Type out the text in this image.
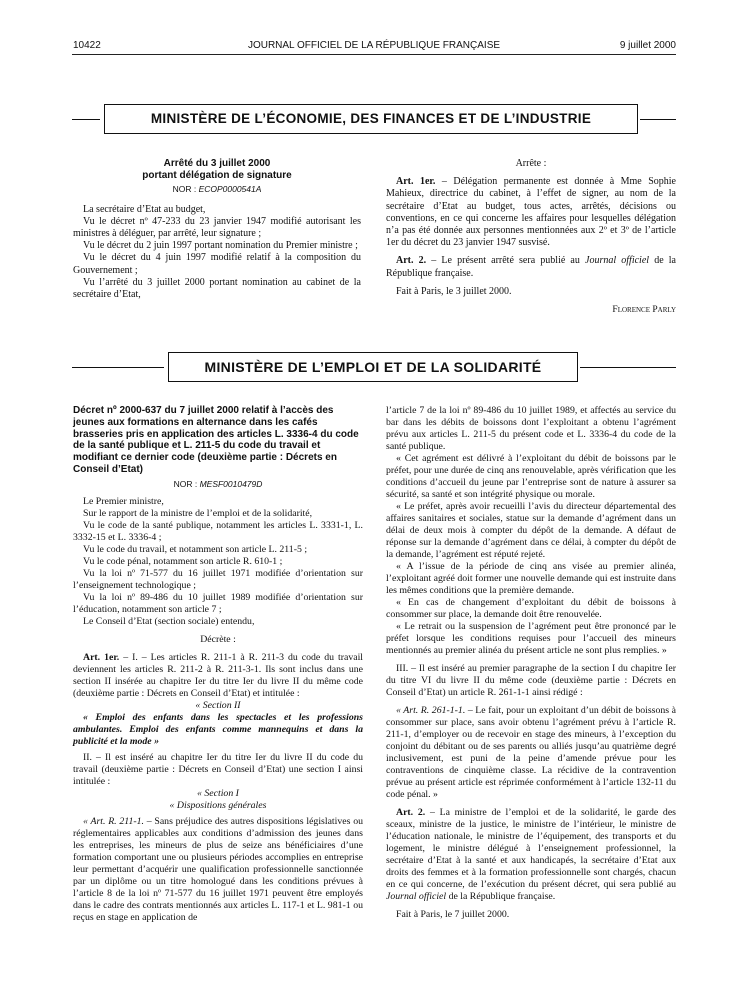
10422	JOURNAL OFFICIEL DE LA RÉPUBLIQUE FRANÇAISE	9 juillet 2000
MINISTÈRE DE L’ÉCONOMIE, DES FINANCES ET DE L’INDUSTRIE

Arrêté du 3 juillet 2000

portant délégation de signature

NOR : ECOP0000541A

La secrétaire d’Etat au budget,

Vu le décret nº 47-233 du 23 janvier 1947 modifié autorisant les ministres à déléguer, par arrêté, leur signature ;

Vu le décret du 2 juin 1997 portant nomination du Premier ministre ;

Vu le décret du 4 juin 1997 modifié relatif à la composition du Gouvernement ;

Vu l’arrêté du 3 juillet 2000 portant nomination au cabinet de la secrétaire d’Etat,

Arrête :

Art. 1er. – Délégation permanente est donnée à Mme Sophie Mahieux, directrice du cabinet, à l’effet de signer, au nom de la secrétaire d’Etat au budget, tous actes, arrêtés, décisions ou conventions, en ce qui concerne les affaires pour lesquelles délégation n’a pas été donnée aux personnes mentionnées aux 2º et 3º de l’article 1er du décret du 23 janvier 1947 susvisé.

Art. 2. – Le présent arrêté sera publié au Journal officiel de la République française.

Fait à Paris, le 3 juillet 2000.

Florence Parly

MINISTÈRE DE L’EMPLOI ET DE LA SOLIDARITÉ

Décret nº 2000-637 du 7 juillet 2000 relatif à l’accès des jeunes aux formations en alternance dans les cafés brasseries pris en application des articles L. 3336-4 du code de la santé publique et L. 211-5 du code du travail et modifiant ce dernier code (deuxième partie : Décrets en Conseil d’Etat)

NOR : MESF0010479D

Le Premier ministre,

Sur le rapport de la ministre de l’emploi et de la solidarité,

Vu le code de la santé publique, notamment les articles L. 3331-1, L. 3332-15 et L. 3336-4 ;

Vu le code du travail, et notamment son article L. 211-5 ;

Vu le code pénal, notamment son article R. 610-1 ;

Vu la loi nº 71-577 du 16 juillet 1971 modifiée d’orientation sur l’enseignement technologique ;

Vu la loi nº 89-486 du 10 juillet 1989 modifiée d’orientation sur l’éducation, notamment son article 7 ;

Le Conseil d’Etat (section sociale) entendu,

Décrète :

Art. 1er. – I. – Les articles R. 211-1 à R. 211-3 du code du travail deviennent les articles R. 211-2 à R. 211-3-1. Ils sont inclus dans une section II insérée au chapitre Ier du titre Ier du livre II du même code (deuxième partie : Décrets en Conseil d’Etat) et intitulée :

« Section II

« Emploi des enfants dans les spectacles et les professions ambulantes. Emploi des enfants comme mannequins et dans la publicité et la mode »

II. – Il est inséré au chapitre Ier du titre Ier du livre II du code du travail (deuxième partie : Décrets en Conseil d’Etat) une section I ainsi intitulée :

« Section I

« Dispositions générales

« Art. R. 211-1. – Sans préjudice des autres dispositions législatives ou réglementaires applicables aux conditions d’admission des jeunes dans les entreprises, les mineurs de plus de seize ans bénéficiaires d’une formation comportant une ou plusieurs périodes accomplies en entreprise leur permettant d’acquérir une qualification professionnelle sanctionnée par un diplôme ou un titre homologué dans les conditions prévues à l’article 8 de la loi nº 71-577 du 16 juillet 1971 peuvent être employés dans le cadre des contrats mentionnés aux articles L. 117-1 et L. 981-1 ou reçus en stage en application de

l’article 7 de la loi nº 89-486 du 10 juillet 1989, et affectés au service du bar dans les débits de boissons dont l’exploitant a obtenu l’agrément prévu aux articles L. 211-5 du présent code et L. 3336-4 du code de la santé publique.

« Cet agrément est délivré à l’exploitant du débit de boissons par le préfet, pour une durée de cinq ans renouvelable, après vérification que les conditions d’accueil du jeune par l’entreprise sont de nature à assurer sa sécurité, sa santé et son intégrité physique ou morale.

« Le préfet, après avoir recueilli l’avis du directeur départemental des affaires sanitaires et sociales, statue sur la demande d’agrément dans un délai de deux mois à compter du dépôt de la demande. A défaut de réponse sur la demande d’agrément dans ce délai, à compter du dépôt de la demande, l’agrément est réputé rejeté.

« A l’issue de la période de cinq ans visée au premier alinéa, l’exploitant agréé doit former une nouvelle demande qui est instruite dans les mêmes conditions que la première demande.

« En cas de changement d’exploitant du débit de boissons à consommer sur place, la demande doit être renouvelée.

« Le retrait ou la suspension de l’agrément peut être prononcé par le préfet lorsque les conditions requises pour l’accueil des mineurs mentionnés au premier alinéa du présent article ne sont plus remplies. »

III. – Il est inséré au premier paragraphe de la section I du chapitre Ier du titre VI du livre II du même code (deuxième partie : Décrets en Conseil d’Etat) un article R. 261-1-1 ainsi rédigé :

« Art. R. 261-1-1. – Le fait, pour un exploitant d’un débit de boissons à consommer sur place, sans avoir obtenu l’agrément prévu à l’article R. 211-1, d’employer ou de recevoir en stage des mineurs, à l’exception du conjoint du débitant ou de ses parents ou alliés jusqu’au quatrième degré inclusivement, est puni de la peine d’amende prévue pour les contraventions de cinquième classe. La récidive de la contravention prévue au présent article est réprimée conformément à l’article 132-11 du code pénal. »

Art. 2. – La ministre de l’emploi et de la solidarité, le garde des sceaux, ministre de la justice, le ministre de l’intérieur, le ministre de l’éducation nationale, le ministre de l’équipement, des transports et du logement, le ministre délégué à l’enseignement professionnel, la secrétaire d’Etat à la santé et aux handicapés, la secrétaire d’Etat aux droits des femmes et à la formation professionnelle sont chargés, chacun en ce qui concerne, de l’exécution du présent décret, qui sera publié au Journal officiel de la République française.

Fait à Paris, le 7 juillet 2000.
